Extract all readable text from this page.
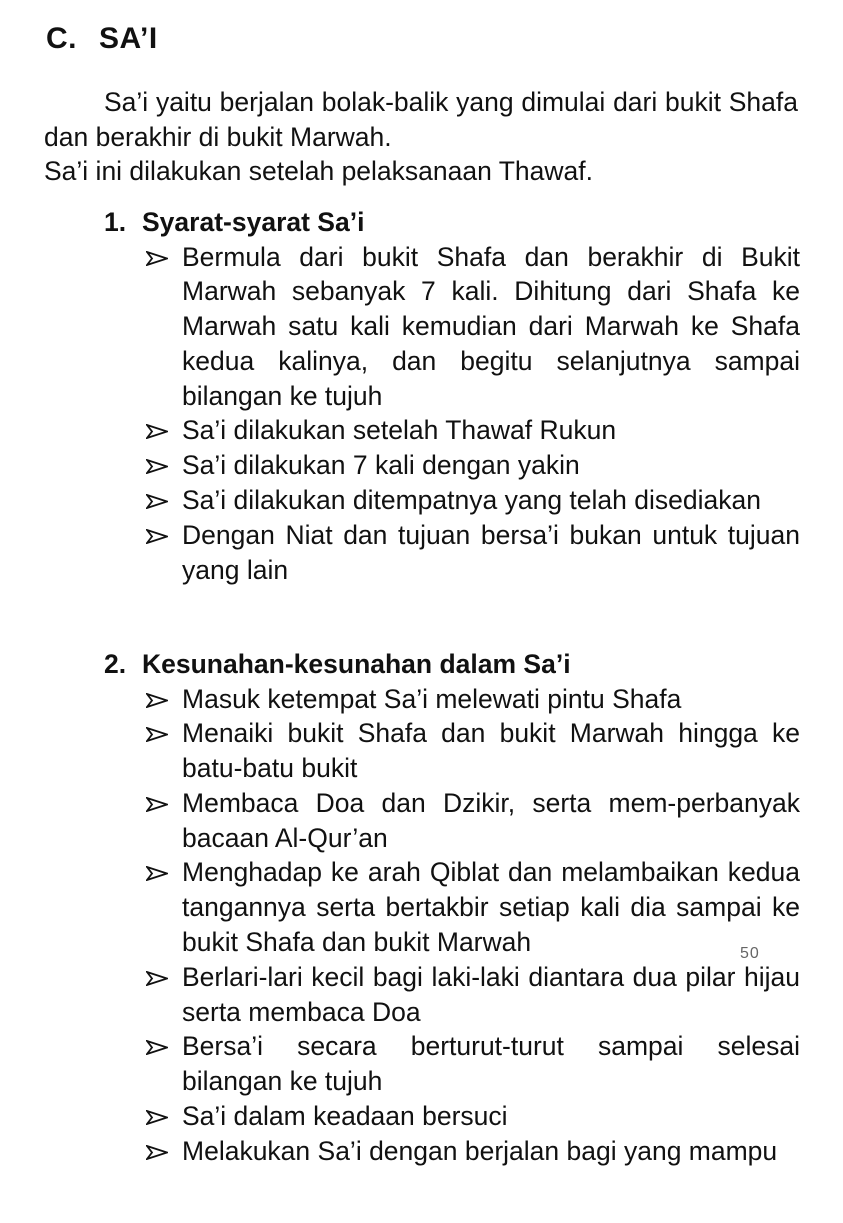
C. SA’I

Sa’i yaitu berjalan bolak-balik yang dimulai dari bukit Shafa dan berakhir di bukit Marwah.

Sa’i ini dilakukan setelah pelaksanaan Thawaf.

1. Syarat-syarat Sa’i
Bermula dari bukit Shafa dan berakhir di Bukit Marwah sebanyak 7 kali. Dihitung dari Shafa ke Marwah satu kali kemudian dari Marwah ke Shafa kedua kalinya, dan begitu selanjutnya sampai bilangan ke tujuh
Sa’i dilakukan setelah Thawaf Rukun
Sa’i dilakukan 7 kali dengan yakin
Sa’i dilakukan ditempatnya yang telah disediakan
Dengan Niat dan tujuan bersa’i bukan untuk tujuan yang lain
2. Kesunahan-kesunahan dalam Sa’i
Masuk ketempat Sa’i melewati pintu Shafa
Menaiki bukit Shafa dan bukit Marwah hingga ke batu-batu bukit
Membaca Doa dan Dzikir, serta mem-perbanyak bacaan Al-Qur’an
Menghadap ke arah Qiblat dan melambaikan kedua tangannya serta bertakbir setiap kali dia sampai ke bukit Shafa dan bukit Marwah
Berlari-lari kecil bagi laki-laki diantara dua pilar hijau serta membaca Doa
Bersa’i secara berturut-turut sampai selesai bilangan ke tujuh
Sa’i dalam keadaan bersuci
Melakukan Sa’i dengan berjalan bagi yang mampu
50
